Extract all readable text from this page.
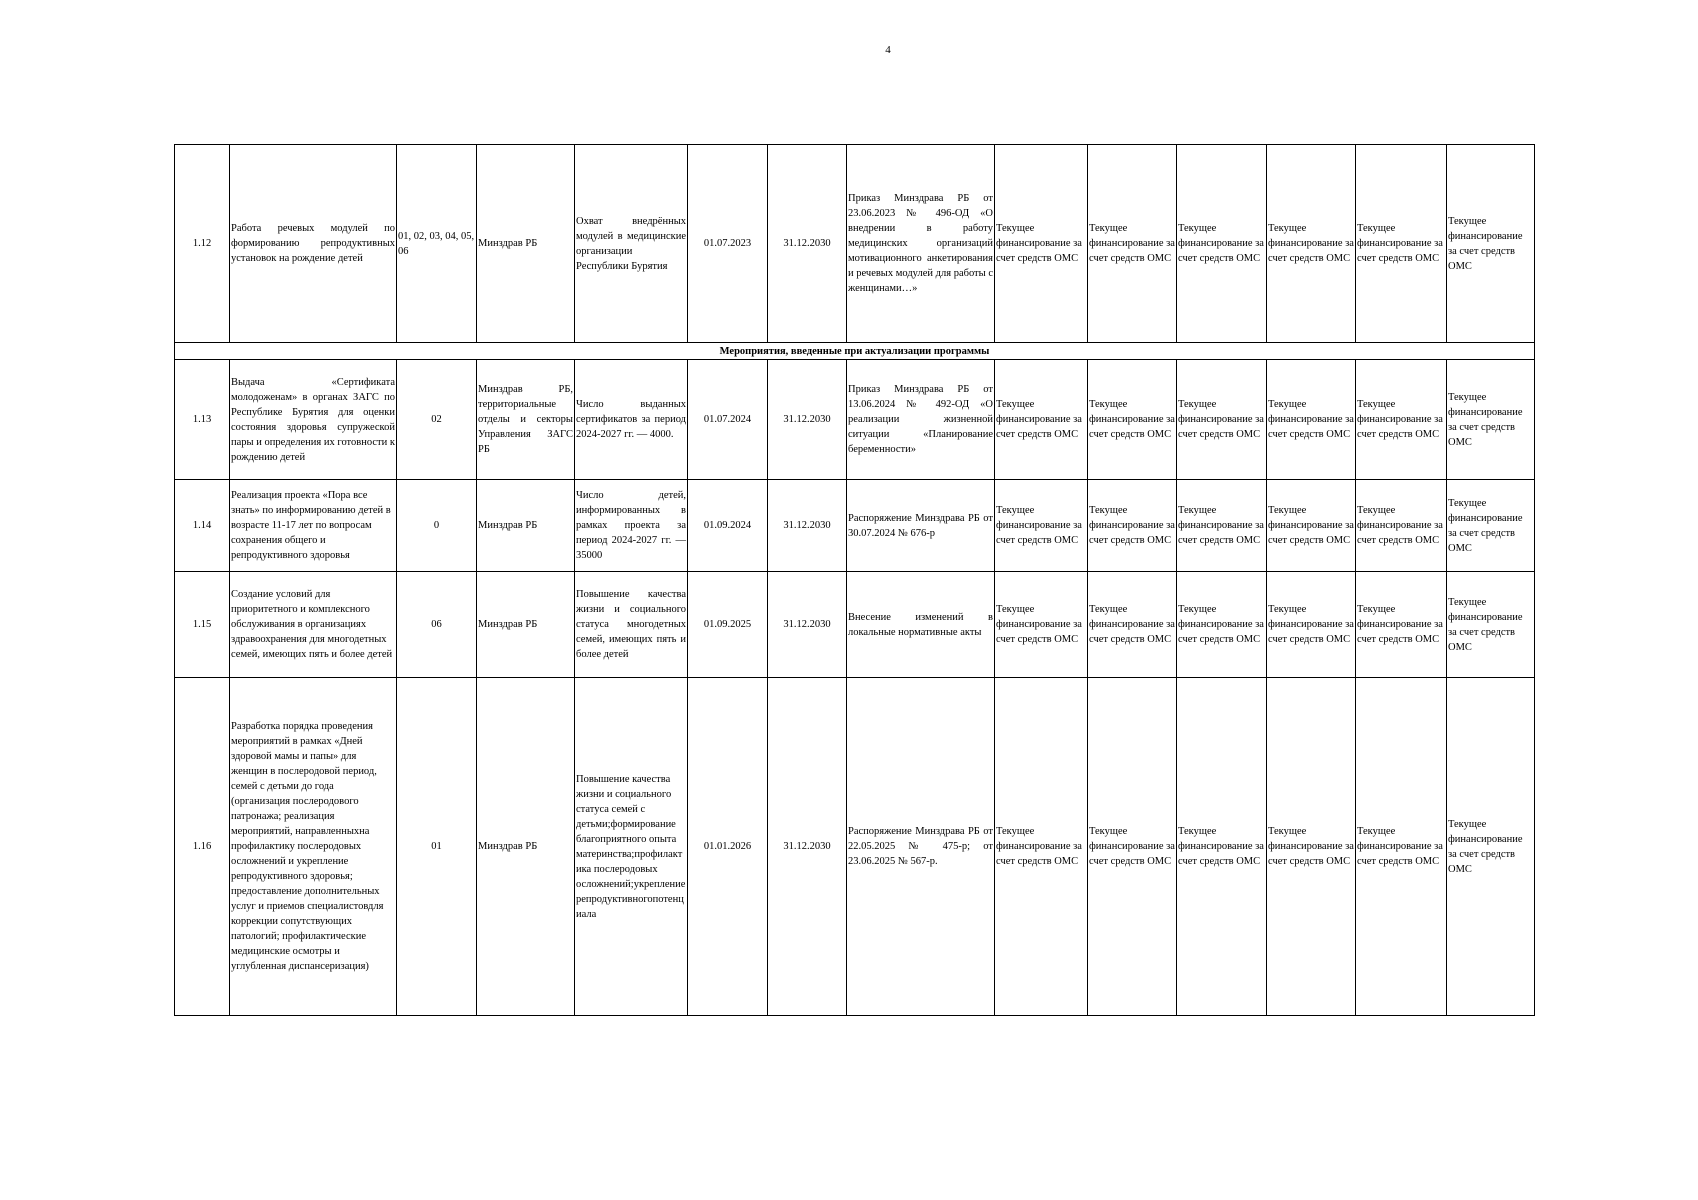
4
1.12	Работа речевых модулей по формированию репродуктивных установок на рождение детей	01, 02, 03, 04, 05, 06	Минздрав РБ	Охват внедрённых модулей в медицинские организации Республики Бурятия	01.07.2023	31.12.2030	Приказ Минздрава РБ от 23.06.2023 № 496-ОД «О внедрении в работу медицинских организаций мотивационного анкетирования и речевых модулей для работы с женщинами…»	Текущее финансирование за счет средств ОМС	Текущее финансирование за счет средств ОМС	Текущее финансирование за счет средств ОМС	Текущее финансирование за счет средств ОМС	Текущее финансирование за счет средств ОМС	Текущее финансирование за счет средств ОМС
Мероприятия, введенные при актуализации программы													
1.13	Выдача «Сертификата молодоженам» в органах ЗАГС по Республике Бурятия для оценки состояния здоровья супружеской пары и определения их готовности к рождению детей	02	Минздрав РБ, территориальные отделы и секторы Управления ЗАГС РБ	Число выданных сертификатов за период 2024-2027 гг. — 4000.	01.07.2024	31.12.2030	Приказ Минздрава РБ от 13.06.2024 № 492-ОД «О реализации жизненной ситуации «Планирование беременности»	Текущее финансирование за счет средств ОМС	Текущее финансирование за счет средств ОМС	Текущее финансирование за счет средств ОМС	Текущее финансирование за счет средств ОМС	Текущее финансирование за счет средств ОМС	Текущее финансирование за счет средств ОМС
1.14	Реализация проекта «Пора все знать» по информированию детей в возрасте 11-17 лет по вопросам сохранения общего и репродуктивного здоровья	0	Минздрав РБ	Число детей, информированных в рамках проекта за период 2024-2027 гг. — 35000	01.09.2024	31.12.2030	Распоряжение Минздрава РБ от 30.07.2024 № 676-р	Текущее финансирование за счет средств ОМС	Текущее финансирование за счет средств ОМС	Текущее финансирование за счет средств ОМС	Текущее финансирование за счет средств ОМС	Текущее финансирование за счет средств ОМС	Текущее финансирование за счет средств ОМС
1.15	Создание условий для приоритетного и комплексного обслуживания в организациях здравоохранения для многодетных семей, имеющих пять и более детей	06	Минздрав РБ	Повышение качества жизни и социального статуса многодетных семей, имеющих пять и более детей	01.09.2025	31.12.2030	Внесение изменений в локальные нормативные акты	Текущее финансирование за счет средств ОМС	Текущее финансирование за счет средств ОМС	Текущее финансирование за счет средств ОМС	Текущее финансирование за счет средств ОМС	Текущее финансирование за счет средств ОМС	Текущее финансирование за счет средств ОМС
1.16	Разработка порядка проведения мероприятий в рамках «Дней здоровой мамы и папы» для женщин в послеродовой период, семей с детьми до года (организация послеродового патронажа; реализация мероприятий, направленныхна профилактику послеродовых осложнений и укрепление репродуктивного здоровья; предоставление дополнительных услуг и приемов специалистовдля коррекции сопутствующих патологий; профилактические медицинские осмотры и углубленная диспансеризация)	01	Минздрав РБ	Повышение качества жизни и социального статуса семей с детьми;формирование благоприятного опыта материнства;профилактика послеродовых осложнений;укрепление репродуктивногопотенциала	01.01.2026	31.12.2030	Распоряжение Минздрава РБ от 22.05.2025 № 475-р; от 23.06.2025 № 567-р.	Текущее финансирование за счет средств ОМС	Текущее финансирование за счет средств ОМС	Текущее финансирование за счет средств ОМС	Текущее финансирование за счет средств ОМС	Текущее финансирование за счет средств ОМС	Текущее финансирование за счет средств ОМС
